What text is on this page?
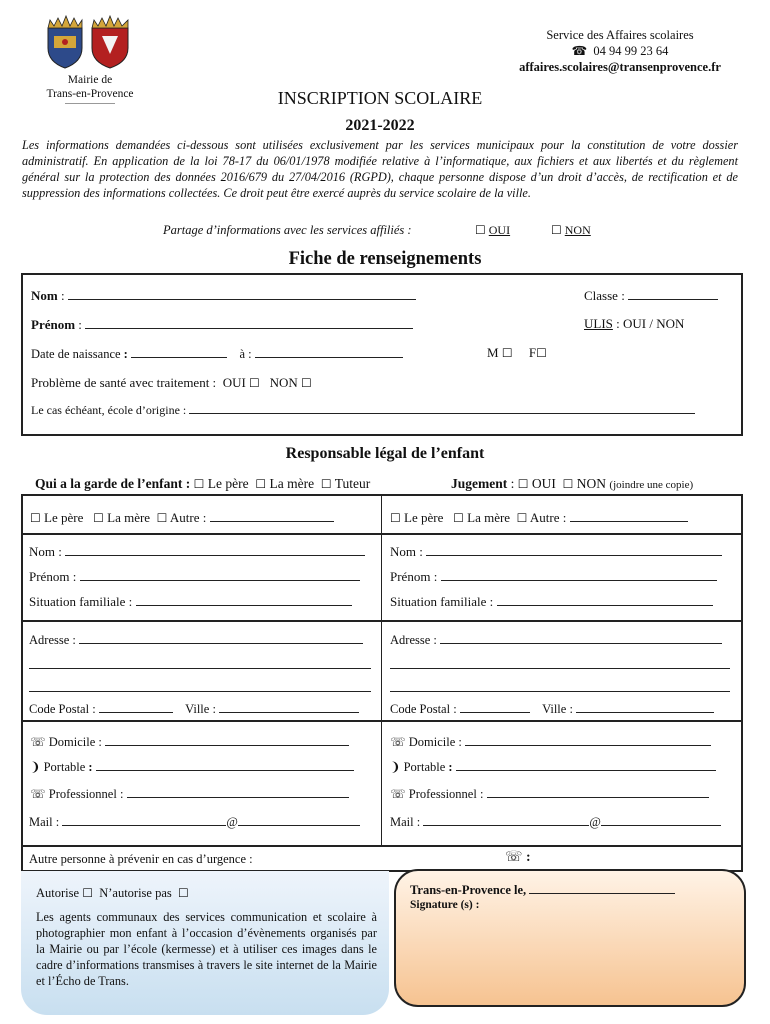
Mairie de
Trans-en-Provence
Service des Affaires scolaires
☎ 04 94 99 23 64
affaires.scolaires@transenprovence.fr
INSCRIPTION SCOLAIRE
2021-2022
Les informations demandées ci-dessous sont utilisées exclusivement par les services municipaux pour la constitution de votre dossier administratif. En application de la loi 78-17 du 06/01/1978 modifiée relative à l’informatique, aux fichiers et aux libertés et du règlement général sur la protection des données 2016/679 du 27/04/2016 (RGPD), chaque personne dispose d’un droit d’accès, de rectification et de suppression des informations collectées. Ce droit peut être exercé auprès du service scolaire de la ville.
Partage d’informations avec les services affiliés :	☐ OUI	☐ NON
Fiche de renseignements
Nom :	Classe :
Prénom :	ULIS : OUI / NON
Date de naissance :	à :	M ☐ F☐
Problème de santé avec traitement : OUI ☐ NON ☐
Le cas échéant, école d’origine :
Responsable légal de l’enfant
Qui a la garde de l’enfant : ☐ Le père ☐ La mère ☐ Tuteur	Jugement : ☐ OUI ☐ NON (joindre une copie)
☐ Le père ☐ La mère ☐ Autre :
Nom :
Prénom :
Situation familiale :
Adresse :
Code Postal :	Ville :
☏ Domicile :
❩ Portable :
☏ Professionnel :
Mail :	@
☐ Le père ☐ La mère ☐ Autre :
Nom :
Prénom :
Situation familiale :
Adresse :
Code Postal :	Ville :
☏ Domicile :
❩ Portable :
☏ Professionnel :
Mail :	@
Autre personne à prévenir en cas d’urgence :	☏ :
Autorise ☐ N’autorise pas ☐
Les agents communaux des services communication et scolaire à photographier mon enfant à l’occasion d’évènements organisés par la Mairie ou par l’école (kermesse) et à utiliser ces images dans le cadre d’informations transmises à travers le site internet de la Mairie et l’Écho de Trans.
Trans-en-Provence le,
Signature (s) :
